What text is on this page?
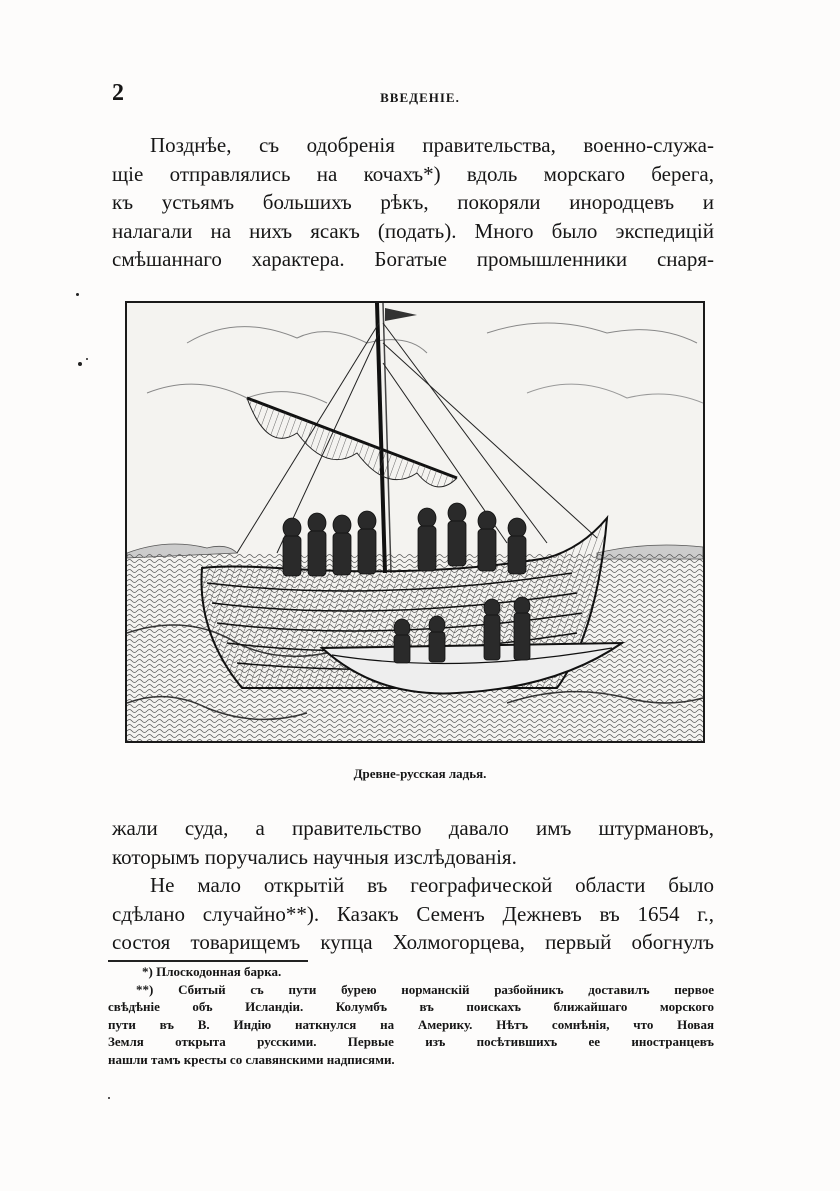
2	ВВЕДЕНІЕ.
Позднѣе, съ одобренія правительства, военно-служа-
щіе отправлялись на кочахъ*) вдоль морскаго берега,
къ устьямъ большихъ рѣкъ, покоряли инородцевъ и
налагали на нихъ ясакъ (подать). Много было экспедицій
смѣшаннаго характера. Богатые промышленники снаря-
Древне-русская ладья.
жали суда, а правительство давало имъ штурмановъ,
которымъ поручались научныя изслѣдованія.
Не мало открытій въ географической области было
сдѣлано случайно**). Казакъ Семенъ Дежневъ въ 1654 г.,
состоя товарищемъ купца Холмогорцева, первый обогнулъ
*) Плоскодонная барка.
**) Сбитый съ пути бурею норманскій разбойникъ доставилъ первое
свѣдѣніе объ Исландіи. Колумбъ въ поискахъ ближайшаго морского
пути въ В. Индію наткнулся на Америку. Нѣтъ сомнѣнія, что Новая
Земля открыта русскими. Первые изъ посѣтившихъ ее иностранцевъ
нашли тамъ кресты со славянскими надписями.
